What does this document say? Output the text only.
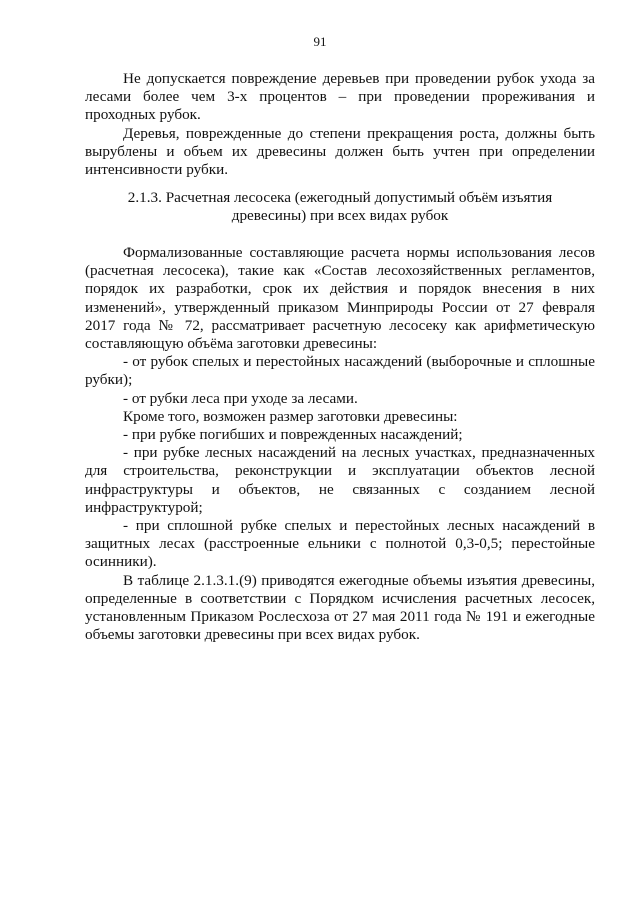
91

Не допускается повреждение деревьев при проведении рубок ухода за лесами более чем 3-х процентов – при проведении прореживания и проходных рубок.

Деревья, поврежденные до степени прекращения роста, должны быть вырублены и объем их древесины должен быть учтен при определении интенсивности рубки.

2.1.3. Расчетная лесосека (ежегодный допустимый объём изъятия
древесины) при всех видах рубок

Формализованные составляющие расчета нормы использования лесов (расчетная лесосека), такие как «Состав лесохозяйственных регламентов, порядок их разработки, срок их действия и порядок внесения в них изменений», утвержденный приказом Минприроды России от 27 февраля 2017 года № 72, рассматривает расчетную лесосеку как арифметическую составляющую объёма заготовки древесины:

- от рубок спелых и перестойных насаждений (выборочные и сплошные рубки);

- от рубки леса при уходе за лесами.

Кроме того, возможен размер заготовки древесины:

- при рубке погибших и поврежденных насаждений;

- при рубке лесных насаждений на лесных участках, предназначенных для строительства, реконструкции и эксплуатации объектов лесной инфраструктуры и объектов, не связанных с созданием лесной инфраструктурой;

- при сплошной рубке спелых и перестойных лесных насаждений в защитных лесах (расстроенные ельники с полнотой 0,3-0,5; перестойные осинники).

В таблице 2.1.3.1.(9) приводятся ежегодные объемы изъятия древесины, определенные в соответствии с Порядком исчисления расчетных лесосек, установленным Приказом Рослесхоза от 27 мая 2011 года № 191 и ежегодные объемы заготовки древесины при всех видах рубок.
